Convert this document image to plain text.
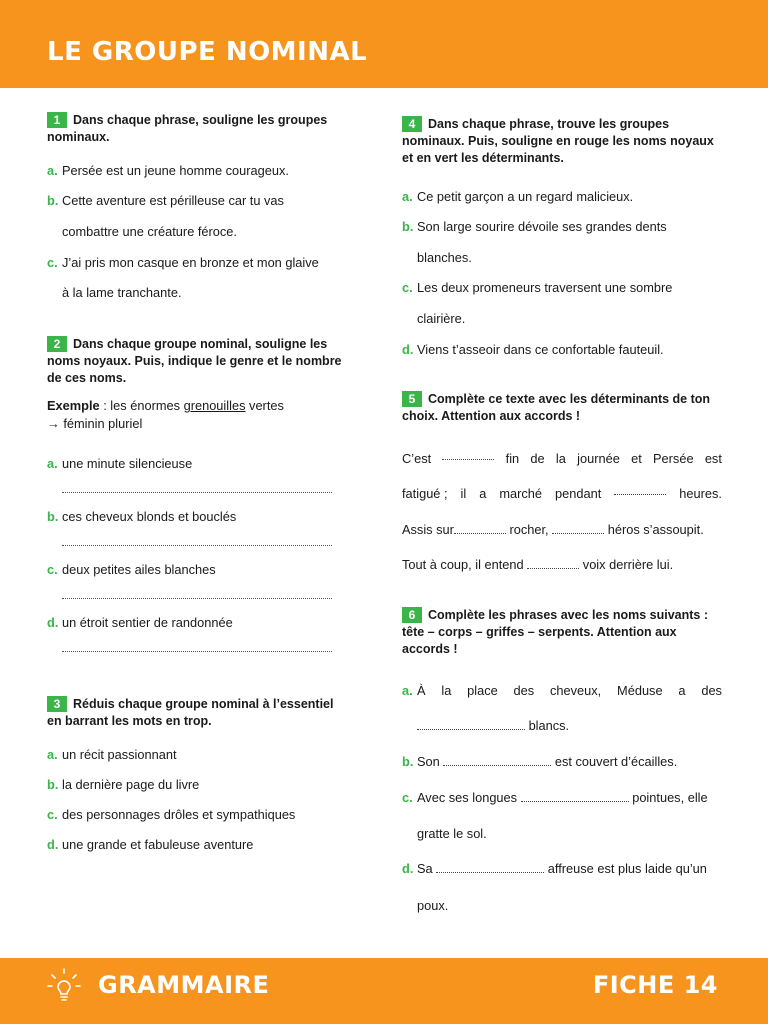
LE GROUPE NOMINAL
1 Dans chaque phrase, souligne les groupes nominaux.
a. Persée est un jeune homme courageux.
b. Cette aventure est périlleuse car tu vas
combattre une créature féroce.
c. J’ai pris mon casque en bronze et mon glaive
à la lame tranchante.
2 Dans chaque groupe nominal, souligne les noms noyaux. Puis, indique le genre et le nombre de ces noms.
Exemple : les énormes grenouilles vertes
→ féminin pluriel
a. une minute silencieuse
b. ces cheveux blonds et bouclés
c. deux petites ailes blanches
d. un étroit sentier de randonnée
3 Réduis chaque groupe nominal à l’essentiel en barrant les mots en trop.
a. un récit passionnant
b. la dernière page du livre
c. des personnages drôles et sympathiques
d. une grande et fabuleuse aventure
4 Dans chaque phrase, trouve les groupes nominaux. Puis, souligne en rouge les noms noyaux et en vert les déterminants.
a. Ce petit garçon a un regard malicieux.
b. Son large sourire dévoile ses grandes dents
blanches.
c. Les deux promeneurs traversent une sombre
clairière.
d. Viens t’asseoir dans ce confortable fauteuil.
5 Complète ce texte avec les déterminants de ton choix. Attention aux accords !
C’est	fin de la journée et Persée est
fatigué ; il a marché pendant	heures.
Assis sur	rocher,	héros s’assoupit.
Tout à coup, il entend	voix derrière lui.
6 Complète les phrases avec les noms suivants : tête – corps – griffes – serpents. Attention aux accords !
a. À la place des cheveux, Méduse a des
blancs.
b. Son	est couvert d’écailles.
c. Avec ses longues	pointues, elle
gratte le sol.
d. Sa	affreuse est plus laide qu’un
poux.
GRAMMAIRE	FICHE 14
